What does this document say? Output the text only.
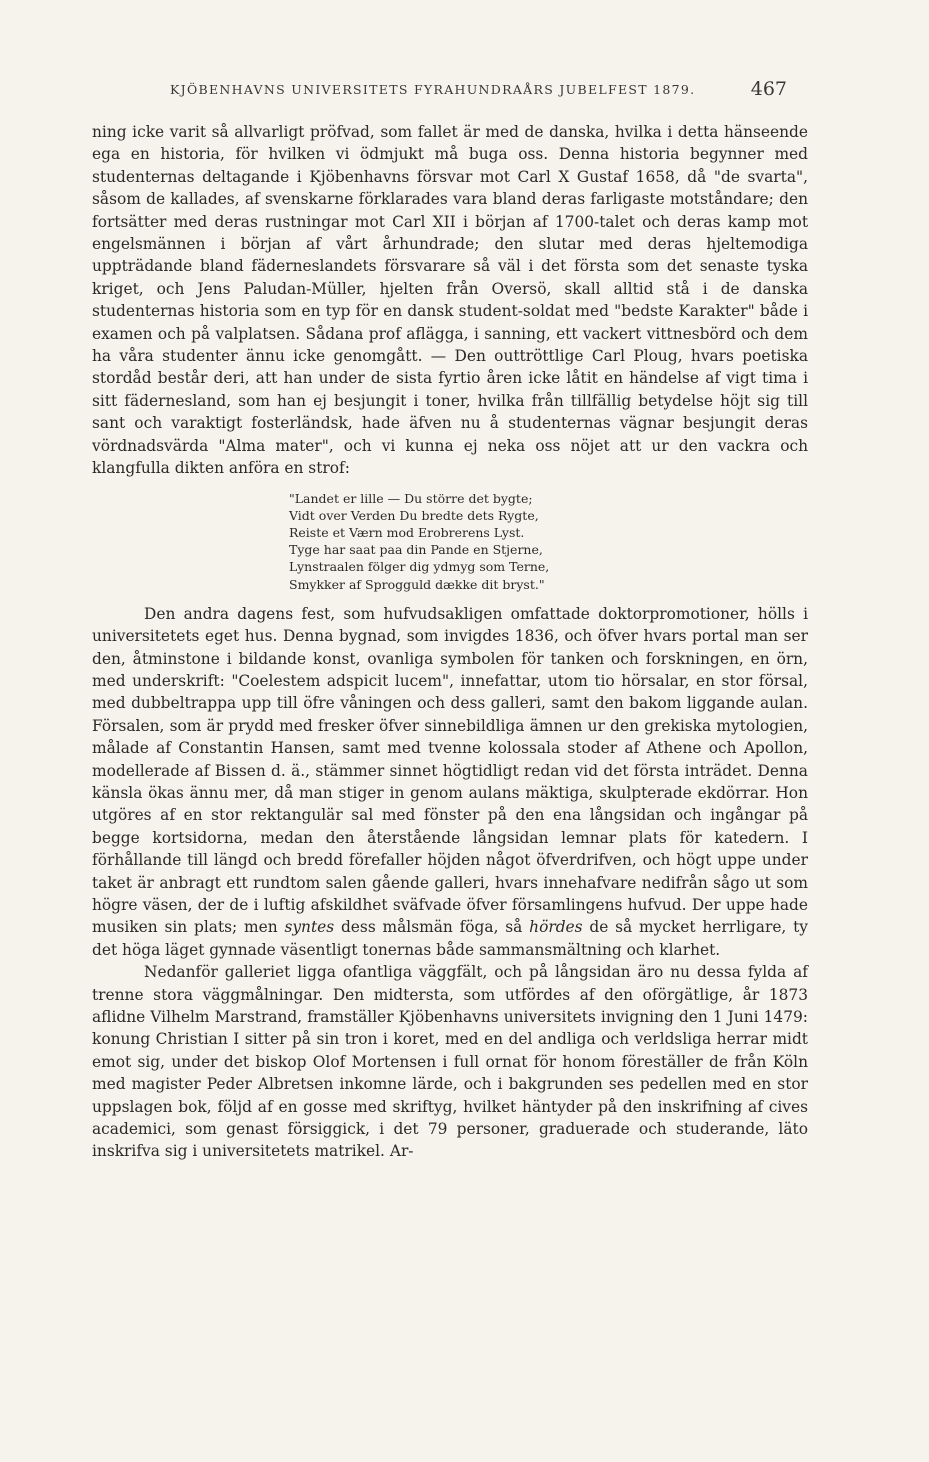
KJÖBENHAVNS UNIVERSITETS FYRAHUNDRAÅRS JUBELFEST 1879.	467

ning icke varit så allvarligt pröfvad, som fallet är med de danska, hvilka i detta hänseende ega en historia, för hvilken vi ödmjukt må buga oss. Denna historia begynner med studenternas deltagande i Kjöbenhavns försvar mot Carl X Gustaf 1658, då "de svarta", såsom de kallades, af svenskarne förklarades vara bland deras farligaste motståndare; den fortsätter med deras rustningar mot Carl XII i början af 1700-talet och deras kamp mot engelsmännen i början af vårt århundrade; den slutar med deras hjeltemodiga uppträdande bland fäderneslandets försvarare så väl i det första som det senaste tyska kriget, och Jens Paludan-Müller, hjelten från Oversö, skall alltid stå i de danska studenternas historia som en typ för en dansk student-soldat med "bedste Karakter" både i examen och på valplatsen. Sådana prof aflägga, i sanning, ett vackert vittnesbörd och dem ha våra studenter ännu icke genomgått. — Den outtröttlige Carl Ploug, hvars poetiska stordåd består deri, att han under de sista fyrtio åren icke låtit en händelse af vigt tima i sitt fädernesland, som han ej besjungit i toner, hvilka från tillfällig betydelse höjt sig till sant och varaktigt fosterländsk, hade äfven nu å studenternas vägnar besjungit deras vördnadsvärda "Alma mater", och vi kunna ej neka oss nöjet att ur den vackra och klangfulla dikten anföra en strof:

"Landet er lille — Du större det bygte;
Vidt over Verden Du bredte dets Rygte,
Reiste et Værn mod Erobrerens Lyst.
Tyge har saat paa din Pande en Stjerne,
Lynstraalen fölger dig ydmyg som Terne,
Smykker af Sprogguld dække dit bryst."

Den andra dagens fest, som hufvudsakligen omfattade doktorpromotioner, hölls i universitetets eget hus. Denna bygnad, som invigdes 1836, och öfver hvars portal man ser den, åtminstone i bildande konst, ovanliga symbolen för tanken och forskningen, en örn, med underskrift: "Coelestem adspicit lucem", innefattar, utom tio hörsalar, en stor försal, med dubbeltrappa upp till öfre våningen och dess galleri, samt den bakom liggande aulan. Försalen, som är prydd med fresker öfver sinnebildliga ämnen ur den grekiska mytologien, målade af Constantin Hansen, samt med tvenne kolossala stoder af Athene och Apollon, modellerade af Bissen d. ä., stämmer sinnet högtidligt redan vid det första inträdet. Denna känsla ökas ännu mer, då man stiger in genom aulans mäktiga, skulpterade ekdörrar. Hon utgöres af en stor rektangulär sal med fönster på den ena långsidan och ingångar på begge kortsidorna, medan den återstående långsidan lemnar plats för katedern. I förhållande till längd och bredd förefaller höjden något öfverdrifven, och högt uppe under taket är anbragt ett rundtom salen gående galleri, hvars innehafvare nedifrån sågo ut som högre väsen, der de i luftig afskildhet sväfvade öfver församlingens hufvud. Der uppe hade musiken sin plats; men syntes dess målsmän föga, så hördes de så mycket herrligare, ty det höga läget gynnade väsentligt tonernas både sammansmältning och klarhet.

Nedanför galleriet ligga ofantliga väggfält, och på långsidan äro nu dessa fylda af trenne stora väggmålningar. Den midtersta, som utfördes af den oförgätlige, år 1873 aflidne Vilhelm Marstrand, framställer Kjöbenhavns universitets invigning den 1 Juni 1479: konung Christian I sitter på sin tron i koret, med en del andliga och verldsliga herrar midt emot sig, under det biskop Olof Mortensen i full ornat för honom föreställer de från Köln med magister Peder Albretsen inkomne lärde, och i bakgrunden ses pedellen med en stor uppslagen bok, följd af en gosse med skriftyg, hvilket häntyder på den inskrifning af cives academici, som genast försiggick, i det 79 personer, graduerade och studerande, läto inskrifva sig i universitetets matrikel. Ar-
